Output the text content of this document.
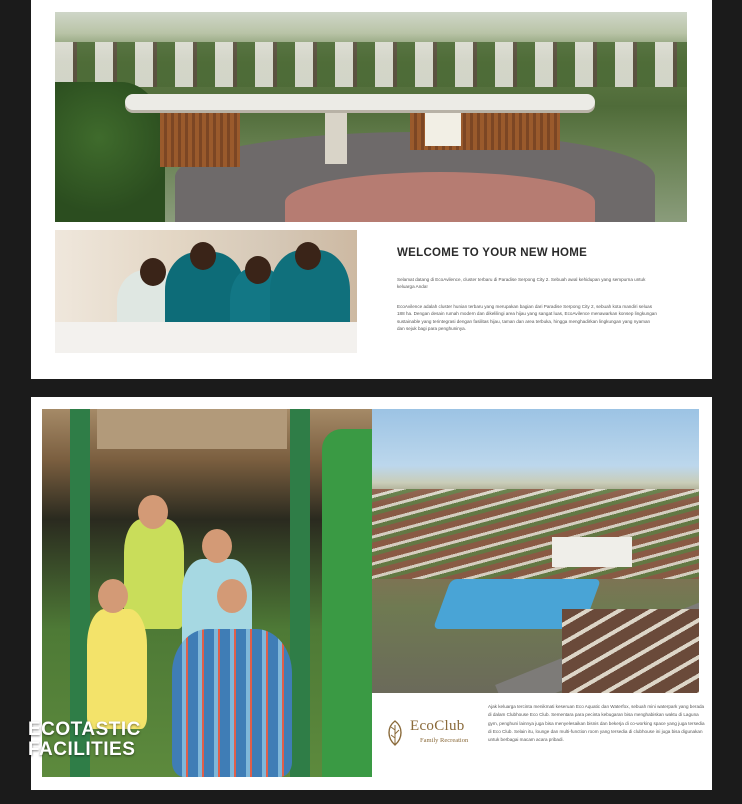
WELCOME TO YOUR NEW HOME

Selamat datang di EcoAvilence, cluster terbaru di Paradise Serpong City 2. Sebuah awal kehidupan yang sempurna untuk keluarga Anda!

EcoAvilence adalah cluster hunian terbaru yang merupakan bagian dari Paradise Serpong City 2, sebuah kota mandiri seluas 188 ha. Dengan desain rumah modern dan dikelilingi area hijau yang sangat luas, EcoAvilence menawarkan konsep lingkungan sustainable yang terintegrasi dengan fasilitas hijau, taman dan area terbuka, hingga menghadirkan lingkungan yang nyaman dan sejuk bagi para penghuninya.

ECOTASTIC
FACILITIES
EcoClub
Family Recreation

Ajak keluarga tercinta menikmati keseruan Eco Aquatic dan Waterfox, sebuah mini waterpark yang berada di dalam Clubhouse Eco Club. Sementara para pecinta kebugaran bisa menghabiskan waktu di Laguna gym, penghuni lainnya juga bisa menyelesaikan bisnis dan bekerja di co-working space yang juga tersedia di Eco Club. Selain itu, lounge dan multi-function room yang tersedia di clubhouse ini juga bisa digunakan untuk berbagai macam acara pribadi.
